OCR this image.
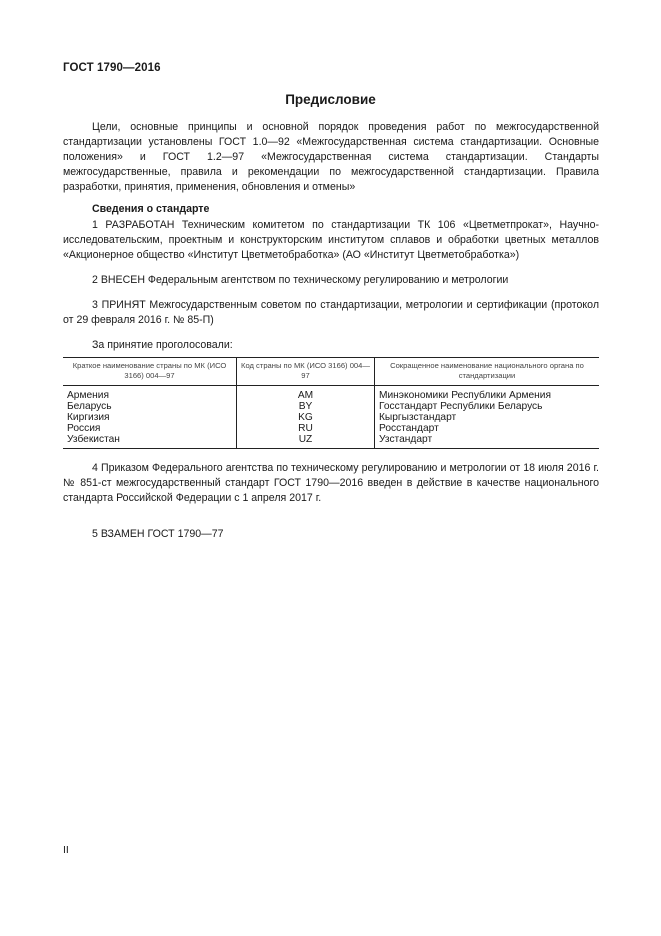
ГОСТ 1790—2016
Предисловие

Цели, основные принципы и основной порядок проведения работ по межгосударственной стандартизации установлены ГОСТ 1.0—92 «Межгосударственная система стандартизации. Основные положения» и ГОСТ 1.2—97 «Межгосударственная система стандартизации. Стандарты межгосударственные, правила и рекомендации по межгосударственной стандартизации. Правила разработки, принятия, применения, обновления и отмены»

Сведения о стандарте

1 РАЗРАБОТАН Техническим комитетом по стандартизации ТК 106 «Цветметпрокат», Научно-исследовательским, проектным и конструкторским институтом сплавов и обработки цветных металлов «Акционерное общество «Институт Цветметобработка» (АО «Институт Цветметобработка»)

2 ВНЕСЕН Федеральным агентством по техническому регулированию и метрологии

3 ПРИНЯТ Межгосударственным советом по стандартизации, метрологии и сертификации (протокол от 29 февраля 2016 г. № 85-П)

За принятие проголосовали:

Краткое наименование страны по МК (ИСО 3166) 004—97	Код страны по МК (ИСО 3166) 004—97	Сокращенное наименование национального органа по стандартизации
Армения	AM	Минэкономики Республики Армения
Беларусь	BY	Госстандарт Республики Беларусь
Киргизия	KG	Кыргызстандарт
Россия	RU	Росстандарт
Узбекистан	UZ	Узстандарт

4 Приказом Федерального агентства по техническому регулированию и метрологии от 18 июля 2016 г. № 851-ст межгосударственный стандарт ГОСТ 1790—2016 введен в действие в качестве национального стандарта Российской Федерации с 1 апреля 2017 г.

5 ВЗАМЕН ГОСТ 1790—77

II
